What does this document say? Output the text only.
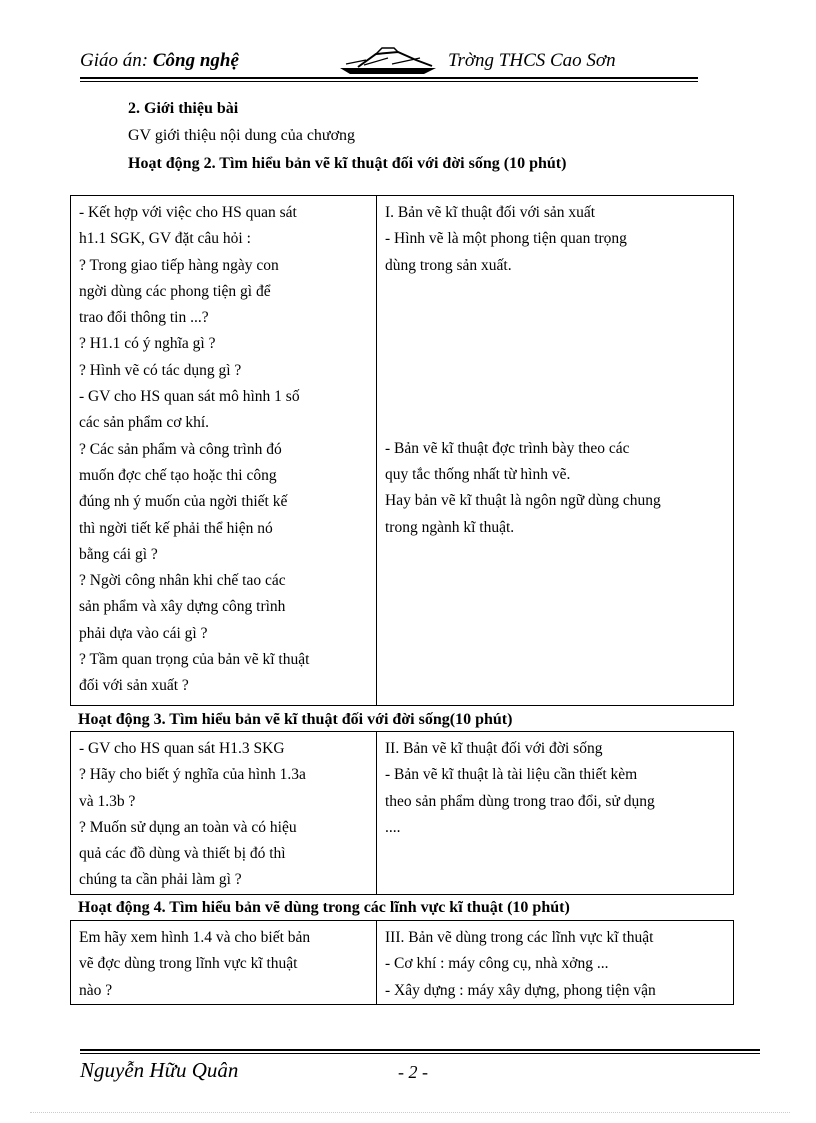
Giáo án: Công nghệ	Trờng THCS Cao Sơn
2. Giới thiệu bài
GV giới thiệu nội dung của chương
Hoạt động 2. Tìm hiểu bản vẽ kĩ thuật đối với đời sống (10 phút)
- Kết hợp với việc cho HS quan sát
h1.1 SGK, GV đặt câu hỏi :
? Trong giao tiếp hàng ngày con
ngời dùng các phong tiện gì để
trao đổi thông tin ...?
? H1.1 có ý nghĩa gì ?
? Hình vẽ có tác dụng gì ?
- GV cho HS quan sát mô hình 1 số
các sản phẩm cơ khí.
? Các sản phẩm và công trình đó
muốn đợc chế tạo hoặc thi công
đúng nh ý muốn của ngời thiết kế
thì ngời tiết kế phải thể hiện nó
bằng cái gì ?
? Ngời công nhân khi chế tao các
sản phẩm và xây dựng công trình
phải dựa vào cái gì ?
? Tầm quan trọng của bản vẽ kĩ thuật
đối với sản xuất ?

I. Bản vẽ kĩ thuật đối với sản xuất
- Hình vẽ là một phong tiện quan trọng
dùng trong sản xuất.
- Bản vẽ kĩ thuật đợc trình bày theo các
quy tắc thống nhất từ hình vẽ.
Hay bản vẽ kĩ thuật là ngôn ngữ dùng chung
trong ngành kĩ thuật.
Hoạt động 3. Tìm hiểu bản vẽ kĩ thuật đối với đời sống(10 phút)
- GV cho HS quan sát H1.3 SKG
? Hãy cho biết ý nghĩa của hình 1.3a
và 1.3b ?
? Muốn sử dụng an toàn và có hiệu
quả các đồ dùng và thiết bị đó thì
chúng ta cần phải làm gì ?

II. Bản vẽ kĩ thuật đối với đời sống
- Bản vẽ kĩ thuật là tài liệu cần thiết kèm
theo sản phẩm dùng trong trao đổi, sử dụng
....
Hoạt động 4. Tìm hiểu bản vẽ dùng trong các lĩnh vực kĩ thuật (10 phút)
Em hãy xem hình 1.4 và cho biết bản
vẽ đợc dùng trong lĩnh vực kĩ thuật
nào ?

III. Bản vẽ dùng trong các lĩnh vực kĩ thuật
- Cơ khí : máy công cụ, nhà xởng ...
- Xây dựng : máy xây dựng, phong tiện vận
Nguyễn Hữu Quân	- 2 -
